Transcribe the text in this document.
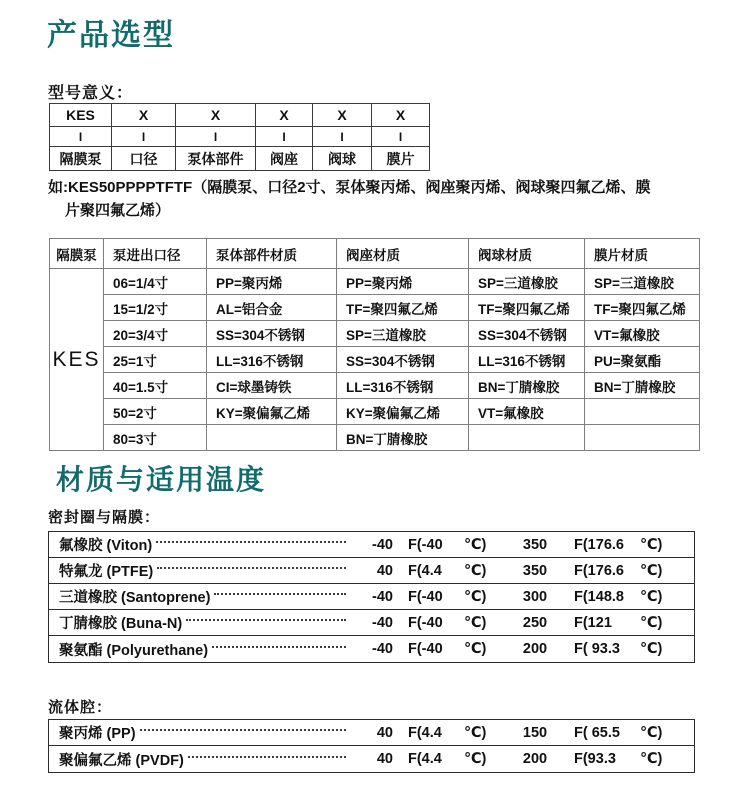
产品选型
型号意义：
KES	X	X	X	X	X
I	I	I	I	I	I
隔膜泵	口径	泵体部件	阀座	阀球	膜片
如:KES50PPPPTFTF（隔膜泵、口径2寸、泵体聚丙烯、阀座聚丙烯、阀球聚四氟乙烯、膜
片聚四氟乙烯）
隔膜泵	泵进出口径	泵体部件材质	阀座材质	阀球材质	膜片材质
KES	06=1/4寸	PP=聚丙烯	PP=聚丙烯	SP=三道橡胶	SP=三道橡胶
	15=1/2寸	AL=铝合金	TF=聚四氟乙烯	TF=聚四氟乙烯	TF=聚四氟乙烯
	20=3/4寸	SS=304不锈钢	SP=三道橡胶	SS=304不锈钢	VT=氟橡胶
	25=1寸	LL=316不锈钢	SS=304不锈钢	LL=316不锈钢	PU=聚氨酯
	40=1.5寸	CI=球墨铸铁	LL=316不锈钢	BN=丁腈橡胶	BN=丁腈橡胶
	50=2寸	KY=聚偏氟乙烯	KY=聚偏氟乙烯	VT=氟橡胶	
	80=3寸		BN=丁腈橡胶		
材质与适用温度
密封圈与隔膜：
氟橡胶 (Viton)	-40 F(-40	℃)	350	F(176.6	℃)
特氟龙 (PTFE)	40 F(4.4	℃)	350	F(176.6	℃)
三道橡胶 (Santoprene)	-40 F(-40	℃)	300	F(148.8	℃)
丁腈橡胶 (Buna-N)	-40 F(-40	℃)	250	F(121	℃)
聚氨酯 (Polyurethane)	-40 F(-40	℃)	200	F( 93.3	℃)
流体腔：
聚丙烯 (PP)	40 F(4.4	℃)	150	F( 65.5	℃)
聚偏氟乙烯 (PVDF)	40 F(4.4	℃)	200	F(93.3	℃)
